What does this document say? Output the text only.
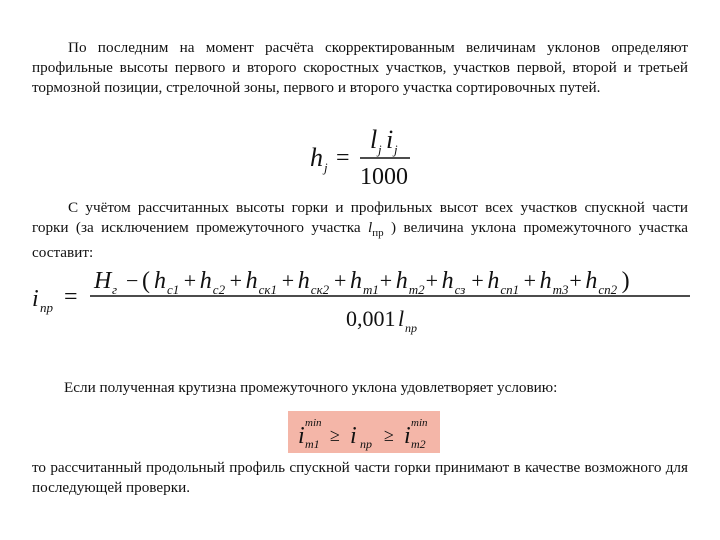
По последним на момент расчёта скорректированным величинам уклонов определяют профильные высоты первого и второго скоростных участков, участков первой, второй и третьей тормозной позиции, стрелочной зоны, первого и второго участка сортировочных путей.
h j =
l j i j
1000
С учётом рассчитанных высоты горки и профильных высот всех участков спускной части горки (за исключением промежуточного участка $l_{пр}$ ) величина уклона промежуточного участка составит:
i пр =
H г − ( h с1 + h с2 + h ск1 + h ск2 + h т1 + h т2 + h сз + h сп1 + h т3 + h сп2 )
0,001 l пр
Если полученная крутизна промежуточного уклона удовлетворяет условию:
i min
т1 ≥ i пр ≥ i min
т2
то рассчитанный продольный профиль спускной части горки принимают в качестве возможного для последующей проверки.
